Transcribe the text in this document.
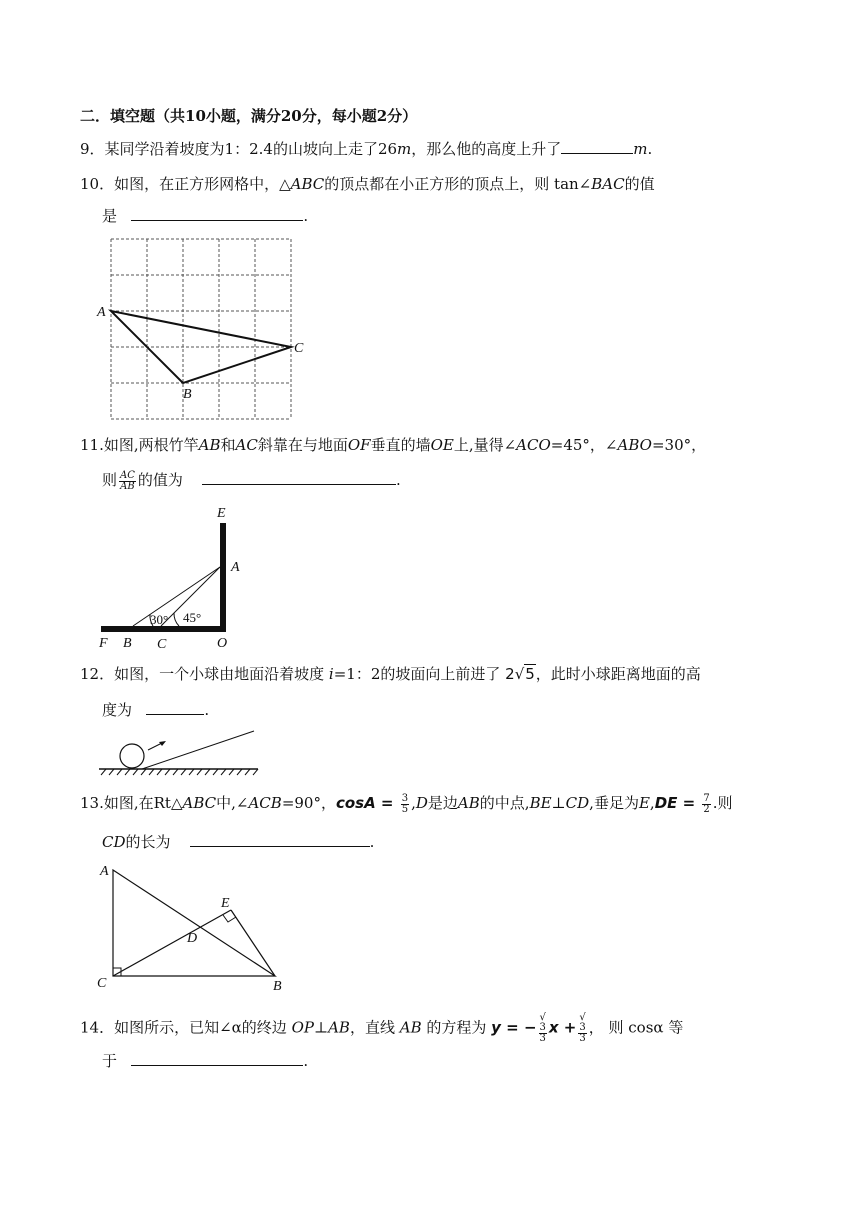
二．填空题（共10小题，满分20分，每小题2分）
9．某同学沿着坡度为1：2.4的山坡向上走了26m，那么他的高度上升了	m.
10．如图，在正方形网格中，△ABC的顶点都在小正方形的顶点上，则 tan∠BAC的值
是	.
A
C
B
11.如图,两根竹竿AB和AC斜靠在与地面OF垂直的墙OE上,量得∠ACO=45°，∠ABO=30°，
则 $\frac{AC}{AB}$ 的值为	.
30° 45°
E
A
F B C	O
12．如图，一个小球由地面沿着坡度 i=1：2的坡面向上前进了 2√5，此时小球距离地面的高
度为	.
13.如图,在Rt△ABC中,∠ACB=90°，$\cos A = \frac{3}{5} ,D$是边AB的中点,BE⊥CD,垂足为$E,DE = \frac{7}{2}$ .则
CD的长为	.
A
E
D
C	B
14．如图所示，已知∠α的终边 OP⊥AB，直线 AB 的方程为 y = − √
3
3 x + √
3
3 ， 则 cosα 等
于	.
